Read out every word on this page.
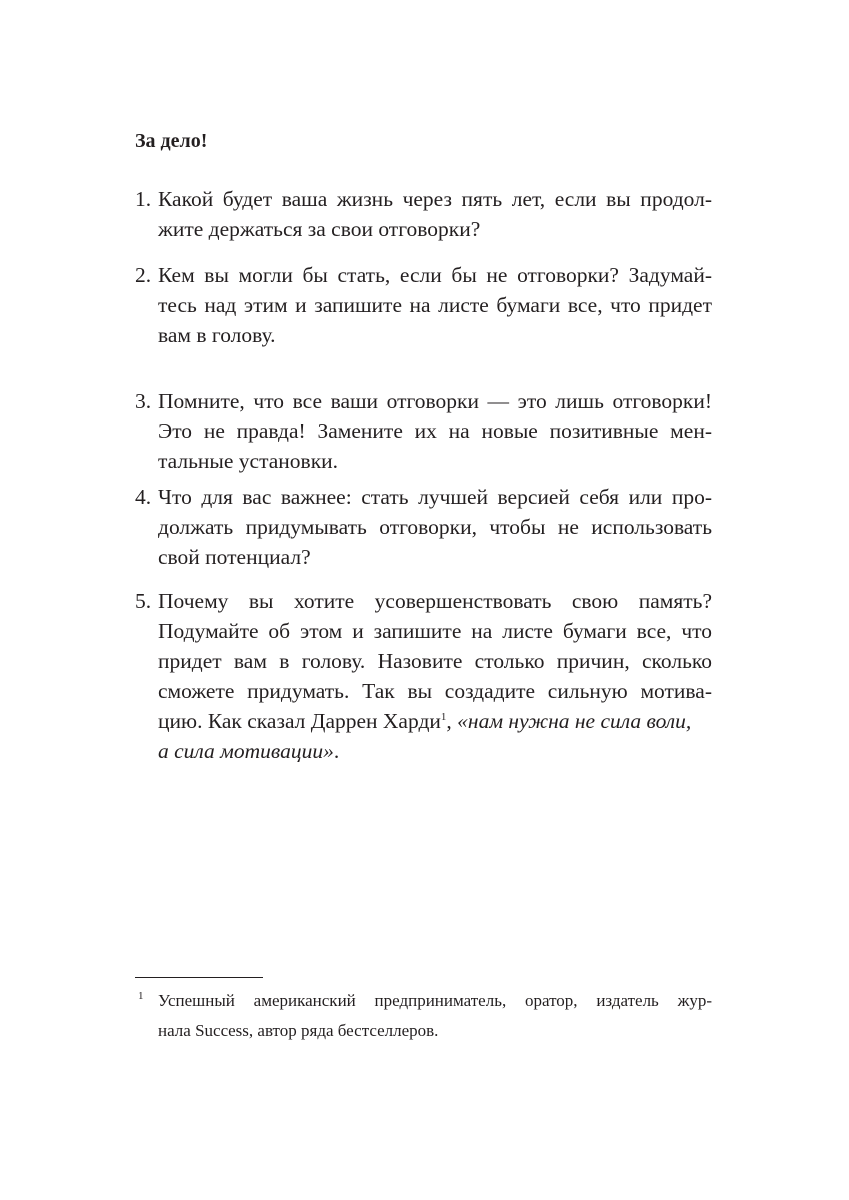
За дело!
1. Какой будет ваша жизнь через пять лет, если вы продол-
жите держаться за свои отговорки?
2. Кем вы могли бы стать, если бы не отговорки? Задумай-
тесь над этим и запишите на листе бумаги все, что придет
вам в голову.
3. Помните, что все ваши отговорки — это лишь отговорки!
Это не правда! Замените их на новые позитивные мен-
тальные установки.
4. Что для вас важнее: стать лучшей версией себя или про-
должать придумывать отговорки, чтобы не использовать
свой потенциал?
5. Почему вы хотите усовершенствовать свою память?
Подумайте об этом и запишите на листе бумаги все, что
придет вам в голову. Назовите столько причин, сколько
сможете придумать. Так вы создадите сильную мотива-
цию. Как сказал Даррен Харди$^1$, «нам нужна не сила воли,
а сила мотивации».
1 Успешный американский предприниматель, оратор, издатель жур-
нала Success, автор ряда бестселлеров.
